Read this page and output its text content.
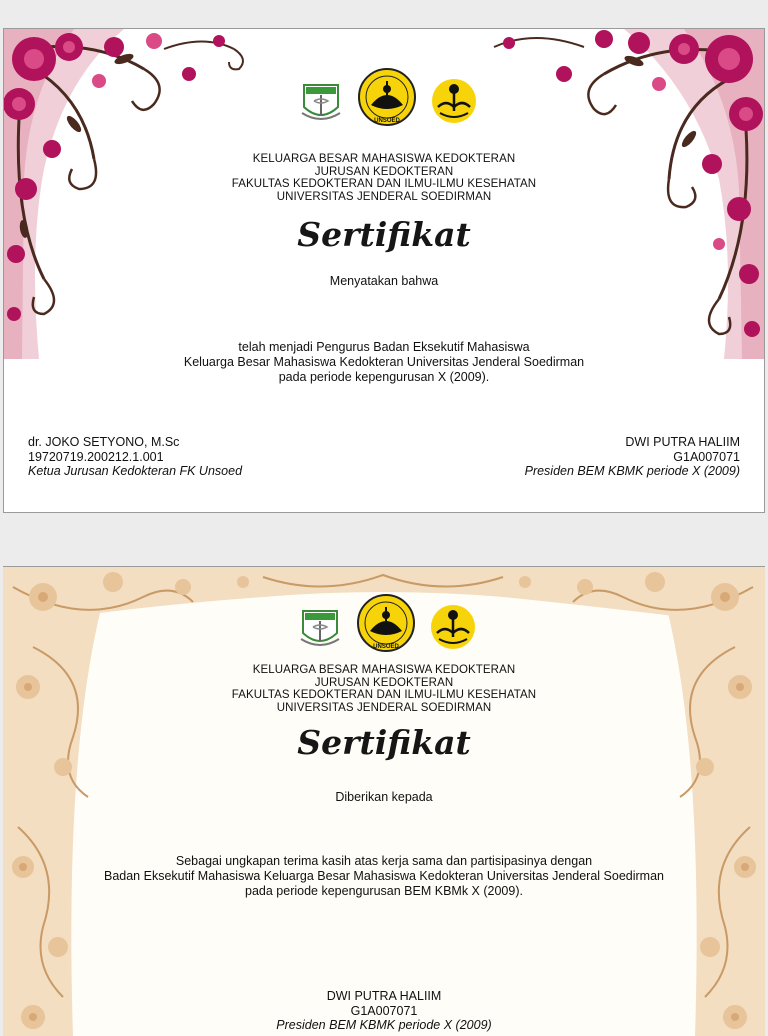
UNSOED
KELUARGA BESAR MAHASISWA KEDOKTERAN
JURUSAN KEDOKTERAN
FAKULTAS KEDOKTERAN DAN ILMU-ILMU KESEHATAN
UNIVERSITAS JENDERAL SOEDIRMAN
Sertifikat
Menyatakan bahwa
telah menjadi Pengurus Badan Eksekutif Mahasiswa
Keluarga Besar Mahasiswa Kedokteran Universitas Jenderal Soedirman
pada periode kepengurusan X (2009).
dr. JOKO SETYONO, M.Sc
19720719.200212.1.001
Ketua Jurusan Kedokteran FK Unsoed
DWI PUTRA HALIIM
G1A007071
Presiden BEM KBMK periode X (2009)
UNSOED
KELUARGA BESAR MAHASISWA KEDOKTERAN
JURUSAN KEDOKTERAN
FAKULTAS KEDOKTERAN DAN ILMU-ILMU KESEHATAN
UNIVERSITAS JENDERAL SOEDIRMAN
Sertifikat
Diberikan kepada
Sebagai ungkapan terima kasih atas kerja sama dan partisipasinya dengan
Badan Eksekutif Mahasiswa Keluarga Besar Mahasiswa Kedokteran Universitas Jenderal Soedirman
pada periode kepengurusan BEM KBMk X (2009).
DWI PUTRA HALIIM
G1A007071
Presiden BEM KBMK periode X (2009)
